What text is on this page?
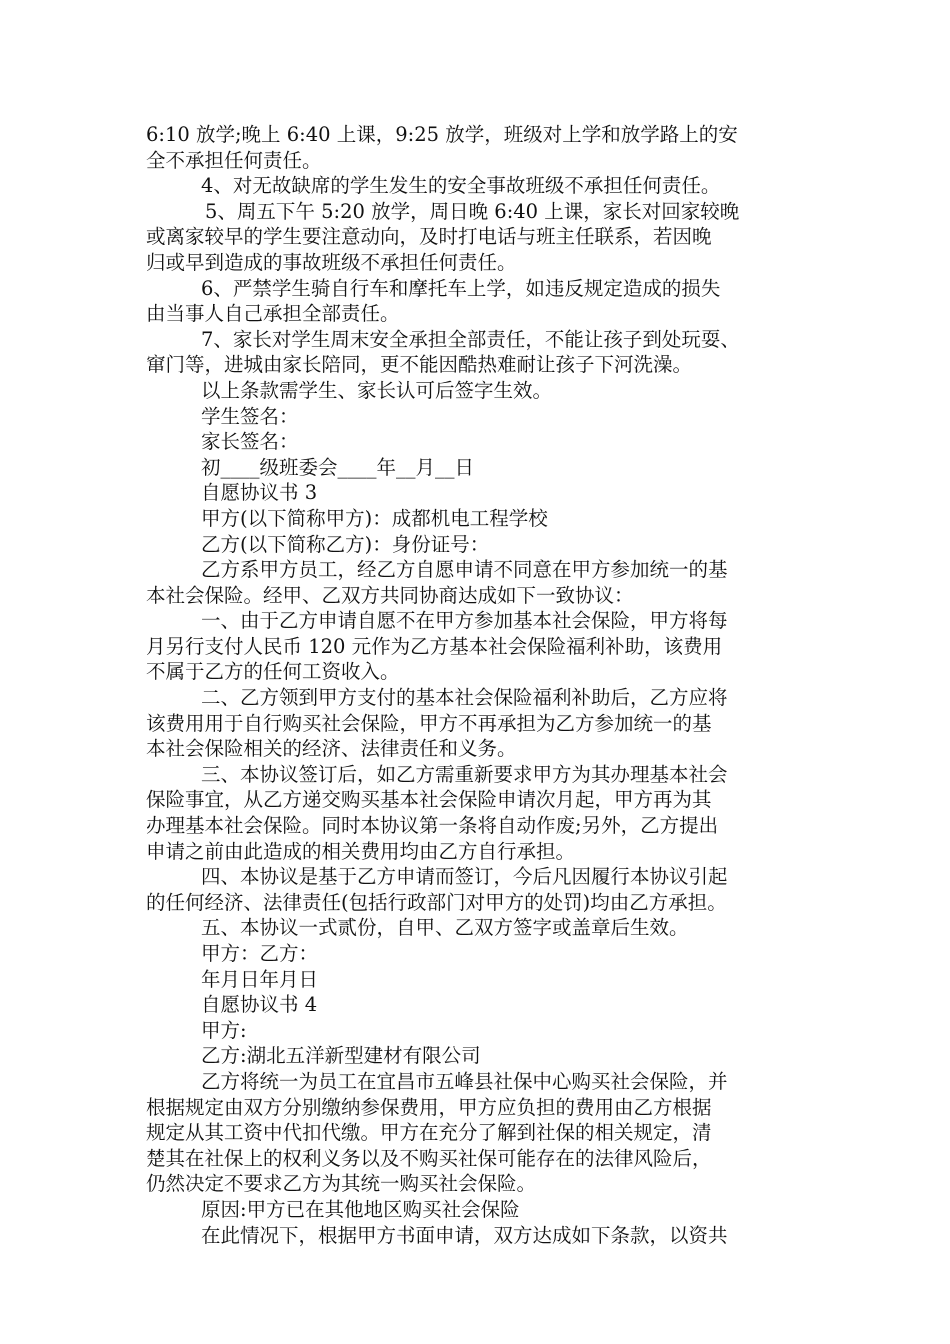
6:10 放学;晚上 6:40 上课，9:25 放学，班级对上学和放学路上的安
全不承担任何责任。
4、对无故缺席的学生发生的安全事故班级不承担任何责任。
5、周五下午 5:20 放学，周日晚 6:40 上课，家长对回家较晚
或离家较早的学生要注意动向，及时打电话与班主任联系，若因晚
归或早到造成的事故班级不承担任何责任。
6、严禁学生骑自行车和摩托车上学，如违反规定造成的损失
由当事人自己承担全部责任。
7、家长对学生周末安全承担全部责任，不能让孩子到处玩耍、
窜门等，进城由家长陪同，更不能因酷热难耐让孩子下河洗澡。
以上条款需学生、家长认可后签字生效。
学生签名：
家长签名：
初____级班委会____年__月__日
自愿协议书 3
甲方(以下简称甲方)：成都机电工程学校
乙方(以下简称乙方)：身份证号：
乙方系甲方员工，经乙方自愿申请不同意在甲方参加统一的基
本社会保险。经甲、乙双方共同协商达成如下一致协议：
一、由于乙方申请自愿不在甲方参加基本社会保险，甲方将每
月另行支付人民币 120 元作为乙方基本社会保险福利补助，该费用
不属于乙方的任何工资收入。
二、乙方领到甲方支付的基本社会保险福利补助后，乙方应将
该费用用于自行购买社会保险，甲方不再承担为乙方参加统一的基
本社会保险相关的经济、法律责任和义务。
三、本协议签订后，如乙方需重新要求甲方为其办理基本社会
保险事宜，从乙方递交购买基本社会保险申请次月起，甲方再为其
办理基本社会保险。同时本协议第一条将自动作废;另外，乙方提出
申请之前由此造成的相关费用均由乙方自行承担。
四、本协议是基于乙方申请而签订，今后凡因履行本协议引起
的任何经济、法律责任(包括行政部门对甲方的处罚)均由乙方承担。
五、本协议一式贰份，自甲、乙双方签字或盖章后生效。
甲方：乙方：
年月日年月日
自愿协议书 4
甲方:
乙方:湖北五洋新型建材有限公司
乙方将统一为员工在宜昌市五峰县社保中心购买社会保险，并
根据规定由双方分别缴纳参保费用，甲方应负担的费用由乙方根据
规定从其工资中代扣代缴。甲方在充分了解到社保的相关规定，清
楚其在社保上的权利义务以及不购买社保可能存在的法律风险后，
仍然决定不要求乙方为其统一购买社会保险。
原因:甲方已在其他地区购买社会保险
在此情况下，根据甲方书面申请，双方达成如下条款，以资共
